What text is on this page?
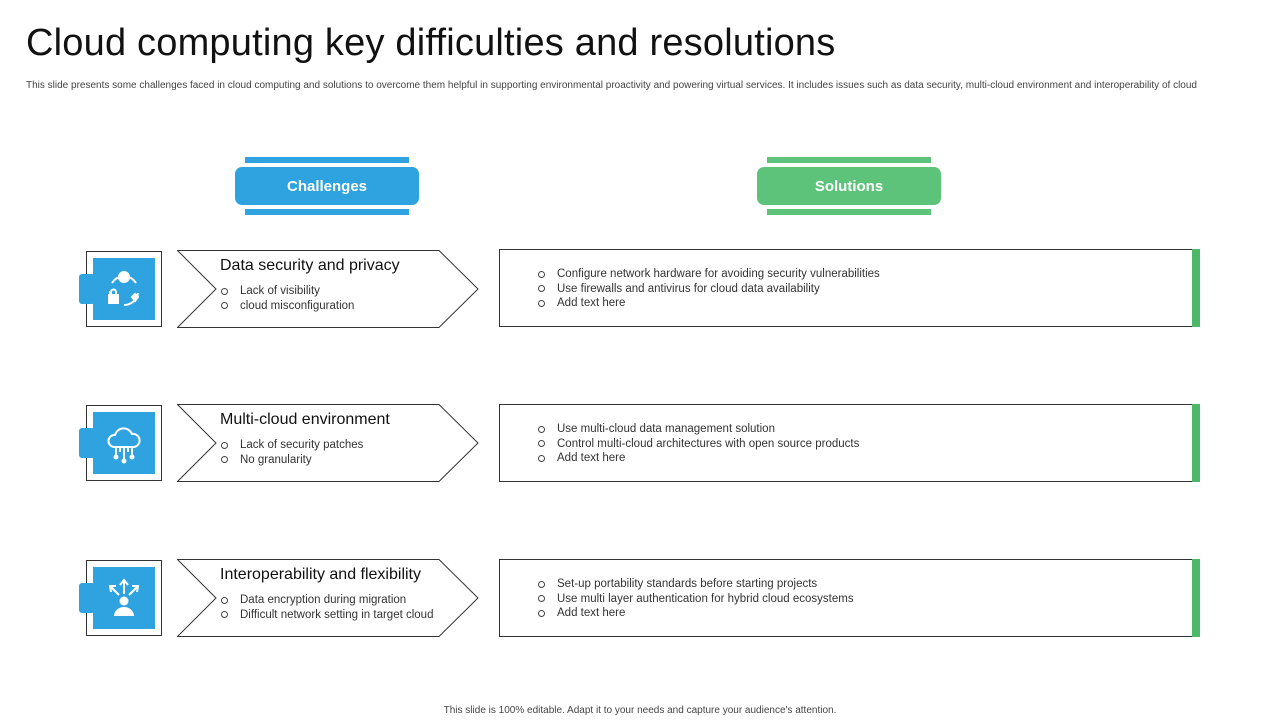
Cloud computing key difficulties and resolutions

This slide presents some challenges faced in cloud computing and solutions to overcome them helpful in supporting environmental proactivity and powering virtual services. It includes issues such as data security, multi-cloud environment and interoperability of cloud

Challenges	Solutions
Data security and privacy
Lack of visibility
cloud misconfiguration
Configure network hardware for avoiding security vulnerabilities
Use firewalls and antivirus for cloud data availability
Add text here
Multi-cloud environment
Lack of security patches
No granularity
Use multi-cloud data management solution
Control multi-cloud architectures with open source products
Add text here
Interoperability and flexibility
Data encryption during migration
Difficult network setting in target cloud
Set-up portability standards before starting projects
Use multi layer authentication for hybrid cloud ecosystems
Add text here
This slide is 100% editable. Adapt it to your needs and capture your audience's attention.
